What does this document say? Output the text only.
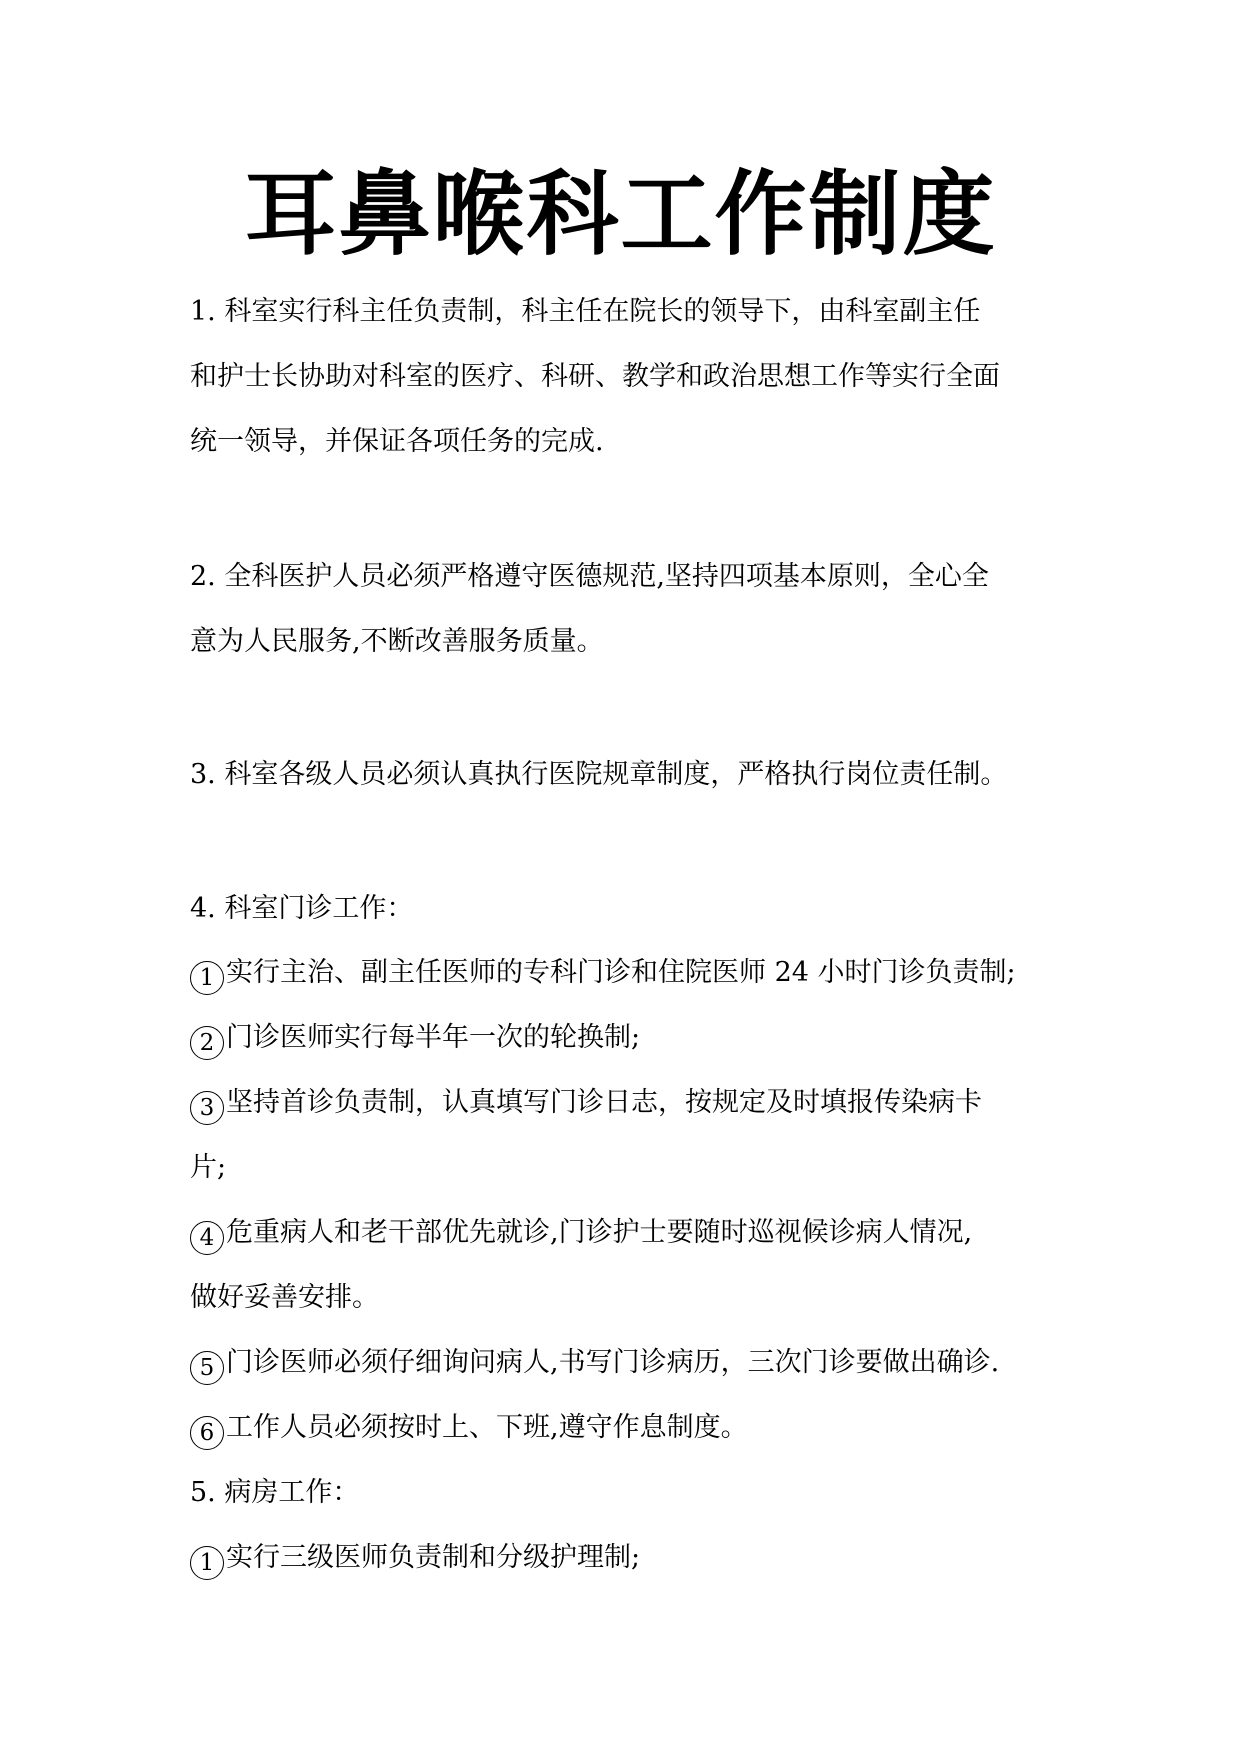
耳鼻喉科工作制度
1. 科室实行科主任负责制，科主任在院长的领导下，由科室副主任
和护士长协助对科室的医疗、科研、教学和政治思想工作等实行全面
统一领导，并保证各项任务的完成.
2. 全科医护人员必须严格遵守医德规范,坚持四项基本原则，全心全
意为人民服务,不断改善服务质量。
3. 科室各级人员必须认真执行医院规章制度，严格执行岗位责任制。
4. 科室门诊工作：
1 实行主治、副主任医师的专科门诊和住院医师 24 小时门诊负责制;
2 门诊医师实行每半年一次的轮换制;
3 坚持首诊负责制，认真填写门诊日志，按规定及时填报传染病卡
片;
4 危重病人和老干部优先就诊,门诊护士要随时巡视候诊病人情况,
做好妥善安排。
5 门诊医师必须仔细询问病人,书写门诊病历，三次门诊要做出确诊.
6 工作人员必须按时上、下班,遵守作息制度。
5. 病房工作：
1 实行三级医师负责制和分级护理制;
